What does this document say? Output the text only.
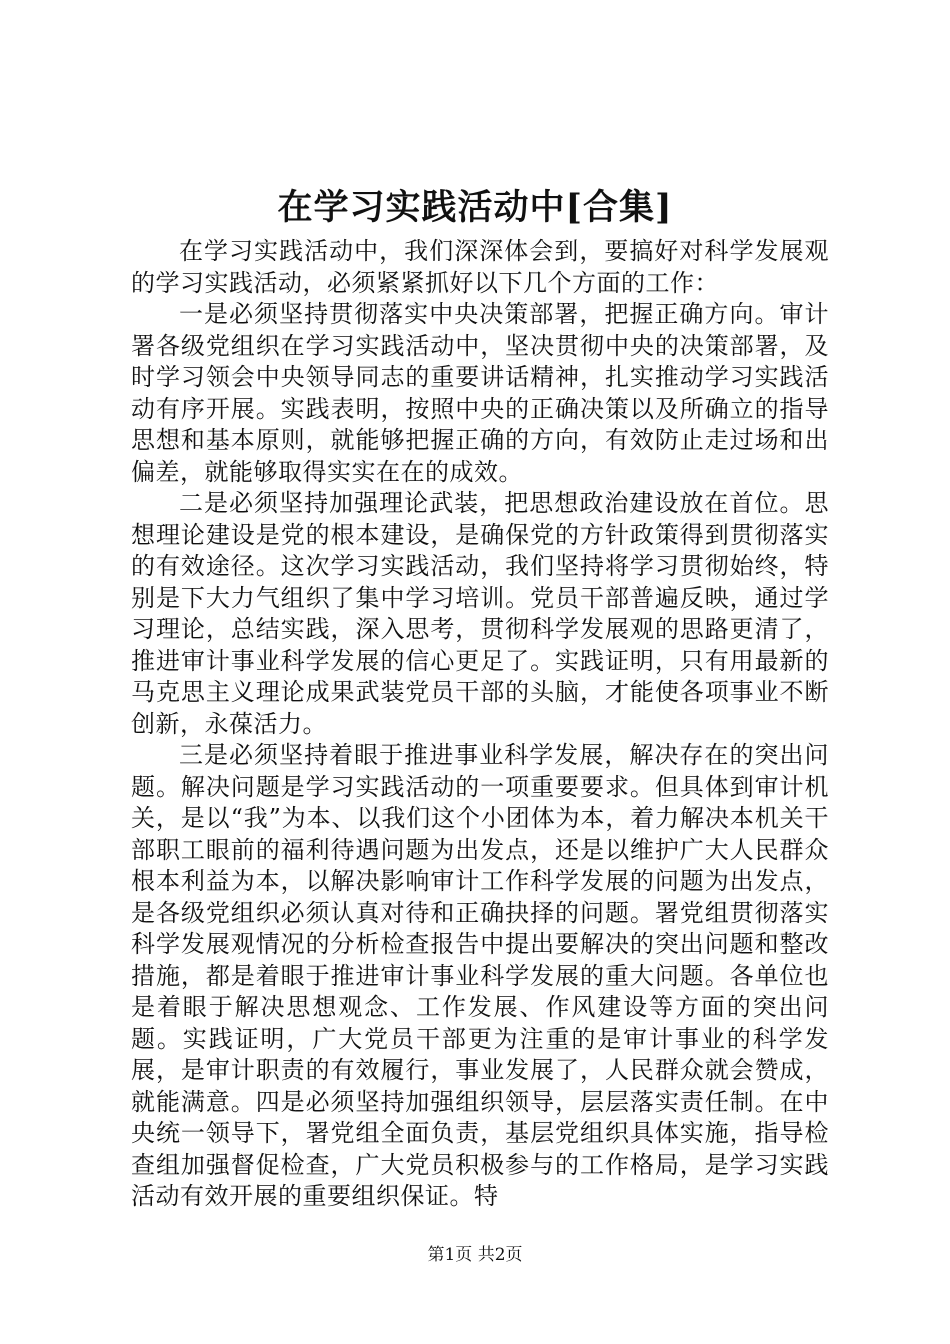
在学习实践活动中[合集]

在学习实践活动中，我们深深体会到，要搞好对科学发展观的学习实践活动，必须紧紧抓好以下几个方面的工作：

一是必须坚持贯彻落实中央决策部署，把握正确方向。审计署各级党组织在学习实践活动中，坚决贯彻中央的决策部署，及时学习领会中央领导同志的重要讲话精神，扎实推动学习实践活动有序开展。实践表明，按照中央的正确决策以及所确立的指导思想和基本原则，就能够把握正确的方向，有效防止走过场和出偏差，就能够取得实实在在的成效。

二是必须坚持加强理论武装，把思想政治建设放在首位。思想理论建设是党的根本建设，是确保党的方针政策得到贯彻落实的有效途径。这次学习实践活动，我们坚持将学习贯彻始终，特别是下大力气组织了集中学习培训。党员干部普遍反映，通过学习理论，总结实践，深入思考，贯彻科学发展观的思路更清了，推进审计事业科学发展的信心更足了。实践证明，只有用最新的马克思主义理论成果武装党员干部的头脑，才能使各项事业不断创新，永葆活力。

三是必须坚持着眼于推进事业科学发展，解决存在的突出问题。解决问题是学习实践活动的一项重要要求。但具体到审计机关，是以“我”为本、以我们这个小团体为本，着力解决本机关干部职工眼前的福利待遇问题为出发点，还是以维护广大人民群众根本利益为本，以解决影响审计工作科学发展的问题为出发点，是各级党组织必须认真对待和正确抉择的问题。署党组贯彻落实科学发展观情况的分析检查报告中提出要解决的突出问题和整改措施，都是着眼于推进审计事业科学发展的重大问题。各单位也是着眼于解决思想观念、工作发展、作风建设等方面的突出问题。实践证明，广大党员干部更为注重的是审计事业的科学发展，是审计职责的有效履行，事业发展了，人民群众就会赞成，就能满意。四是必须坚持加强组织领导，层层落实责任制。在中央统一领导下，署党组全面负责，基层党组织具体实施，指导检查组加强督促检查，广大党员积极参与的工作格局，是学习实践活动有效开展的重要组织保证。特

第1页 共2页
